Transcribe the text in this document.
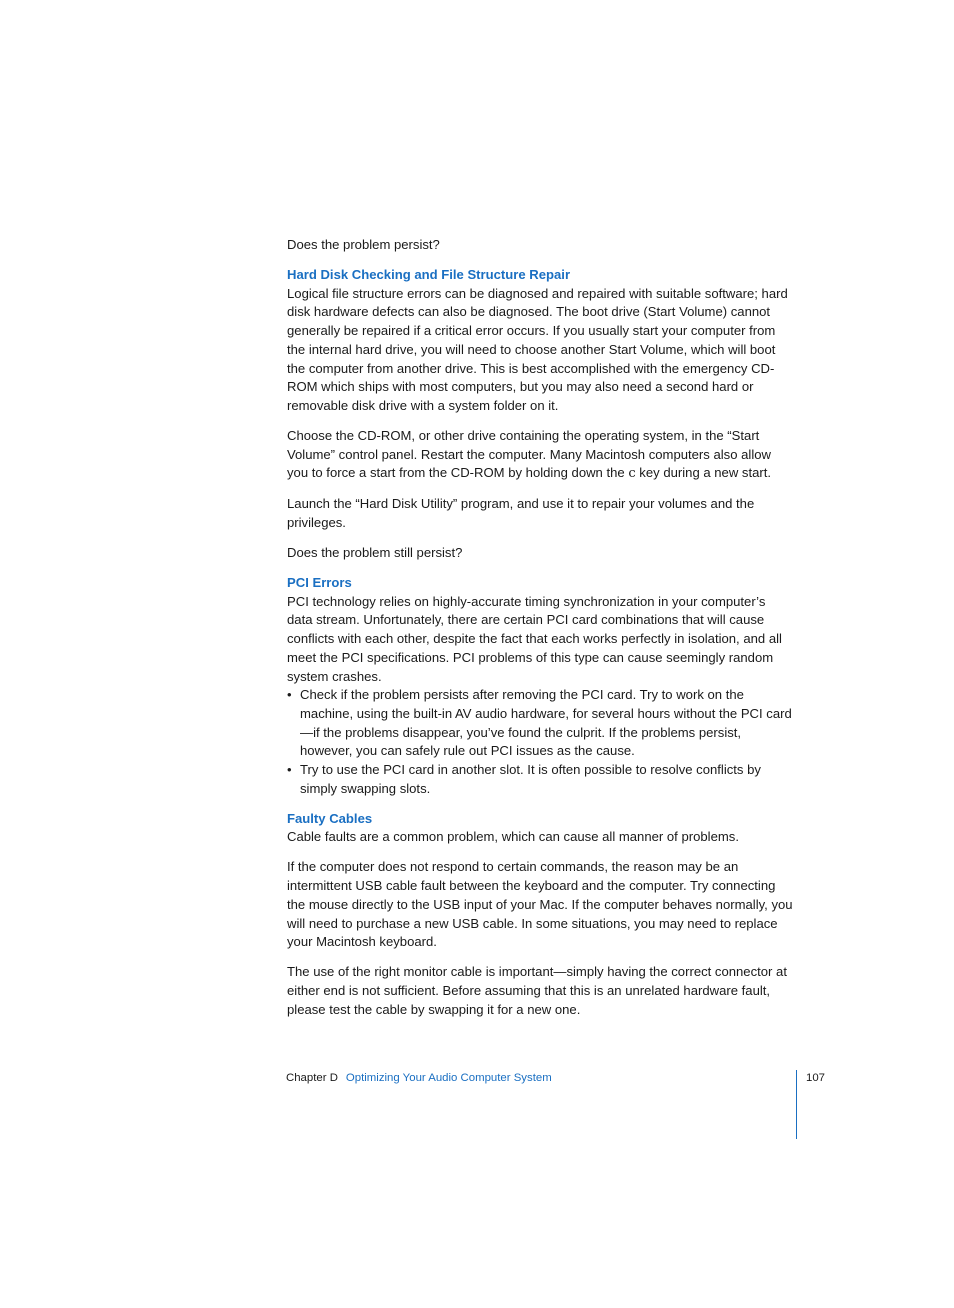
Does the problem persist?

Hard Disk Checking and File Structure Repair

Logical file structure errors can be diagnosed and repaired with suitable software; hard disk hardware defects can also be diagnosed. The boot drive (Start Volume) cannot generally be repaired if a critical error occurs. If you usually start your computer from the internal hard drive, you will need to choose another Start Volume, which will boot the computer from another drive. This is best accomplished with the emergency CD-ROM which ships with most computers, but you may also need a second hard or removable disk drive with a system folder on it.

Choose the CD-ROM, or other drive containing the operating system, in the “Start Volume” control panel. Restart the computer. Many Macintosh computers also allow you to force a start from the CD-ROM by holding down the c key during a new start.

Launch the “Hard Disk Utility” program, and use it to repair your volumes and the privileges.

Does the problem still persist?

PCI Errors

PCI technology relies on highly-accurate timing synchronization in your computer’s data stream. Unfortunately, there are certain PCI card combinations that will cause conflicts with each other, despite the fact that each works perfectly in isolation, and all meet the PCI specifications. PCI problems of this type can cause seemingly random system crashes.

• Check if the problem persists after removing the PCI card. Try to work on the machine, using the built-in AV audio hardware, for several hours without the PCI card—if the problems disappear, you’ve found the culprit. If the problems persist, however, you can safely rule out PCI issues as the cause.
• Try to use the PCI card in another slot. It is often possible to resolve conflicts by simply swapping slots.
Faulty Cables

Cable faults are a common problem, which can cause all manner of problems.

If the computer does not respond to certain commands, the reason may be an intermittent USB cable fault between the keyboard and the computer. Try connecting the mouse directly to the USB input of your Mac. If the computer behaves normally, you will need to purchase a new USB cable. In some situations, you may need to replace your Macintosh keyboard.

The use of the right monitor cable is important—simply having the correct connector at either end is not sufficient. Before assuming that this is an unrelated hardware fault, please test the cable by swapping it for a new one.

Chapter D Optimizing Your Audio Computer System	107
